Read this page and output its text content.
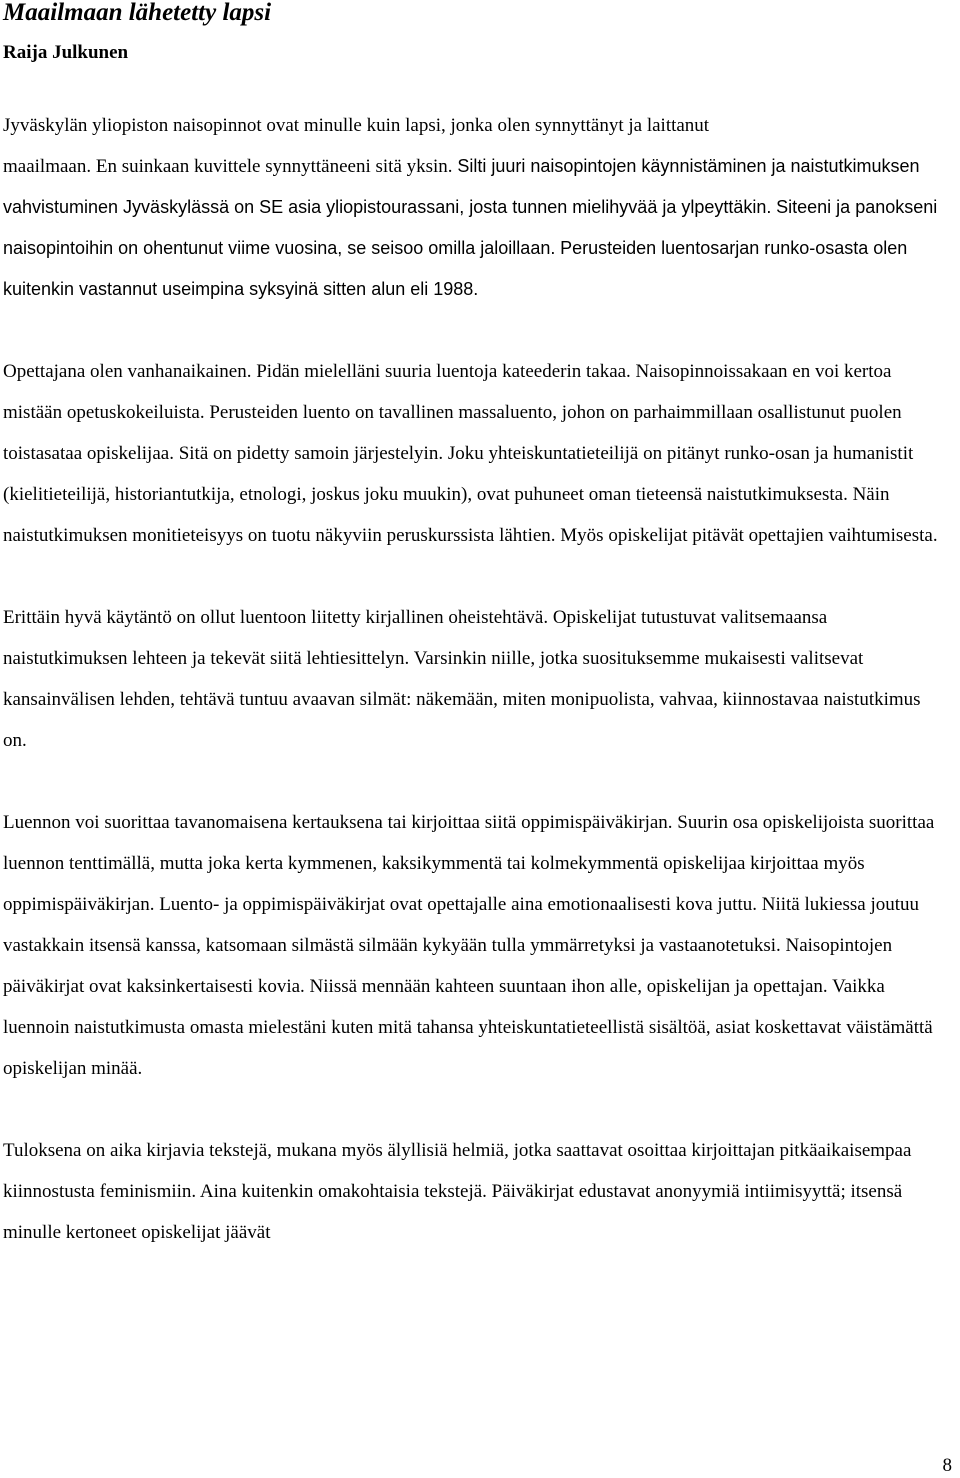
Maailmaan lähetetty lapsi
Raija Julkunen

Jyväskylän yliopiston naisopinnot ovat minulle kuin lapsi, jonka olen synnyttänyt ja laittanut
maailmaan. En suinkaan kuvittele synnyttäneeni sitä yksin. Silti juuri naisopintojen käynnistäminen ja naistutkimuksen vahvistuminen Jyväskylässä on SE asia yliopistourassani, josta tunnen mielihyvää ja ylpeyttäkin. Siteeni ja panokseni naisopintoihin on ohentunut viime vuosina, se seisoo omilla jaloillaan. Perusteiden luentosarjan runko-osasta olen kuitenkin vastannut useimpina syksyinä sitten alun eli 1988.

Opettajana olen vanhanaikainen. Pidän mielelläni suuria luentoja kateederin takaa. Naisopinnoissakaan en voi kertoa mistään opetuskokeiluista. Perusteiden luento on tavallinen massaluento, johon on parhaimmillaan osallistunut puolen toistasataa opiskelijaa. Sitä on pidetty samoin järjestelyin. Joku yhteiskuntatieteilijä on pitänyt runko-osan ja humanistit (kielitieteilijä, historiantutkija, etnologi, joskus joku muukin), ovat puhuneet oman tieteensä naistutkimuksesta. Näin naistutkimuksen monitieteisyys on tuotu näkyviin peruskurssista lähtien. Myös opiskelijat pitävät opettajien vaihtumisesta.

Erittäin hyvä käytäntö on ollut luentoon liitetty kirjallinen oheistehtävä. Opiskelijat tutustuvat valitsemaansa naistutkimuksen lehteen ja tekevät siitä lehtiesittelyn. Varsinkin niille, jotka suosituksemme mukaisesti valitsevat kansainvälisen lehden, tehtävä tuntuu avaavan silmät: näkemään, miten monipuolista, vahvaa, kiinnostavaa naistutkimus on.

Luennon voi suorittaa tavanomaisena kertauksena tai kirjoittaa siitä oppimispäiväkirjan. Suurin osa opiskelijoista suorittaa luennon tenttimällä, mutta joka kerta kymmenen, kaksikymmentä tai kolmekymmentä opiskelijaa kirjoittaa myös oppimispäiväkirjan. Luento- ja oppimispäiväkirjat ovat opettajalle aina emotionaalisesti kova juttu. Niitä lukiessa joutuu vastakkain itsensä kanssa, katsomaan silmästä silmään kykyään tulla ymmärretyksi ja vastaanotetuksi. Naisopintojen päiväkirjat ovat kaksinkertaisesti kovia. Niissä mennään kahteen suuntaan ihon alle, opiskelijan ja opettajan. Vaikka luennoin naistutkimusta omasta mielestäni kuten mitä tahansa yhteiskuntatieteellistä sisältöä, asiat koskettavat väistämättä opiskelijan minää.

Tuloksena on aika kirjavia tekstejä, mukana myös älyllisiä helmiä, jotka saattavat osoittaa kirjoittajan pitkäaikaisempaa kiinnostusta feminismiin. Aina kuitenkin omakohtaisia tekstejä. Päiväkirjat edustavat anonyymiä intiimisyyttä; itsensä minulle kertoneet opiskelijat jäävät

8
